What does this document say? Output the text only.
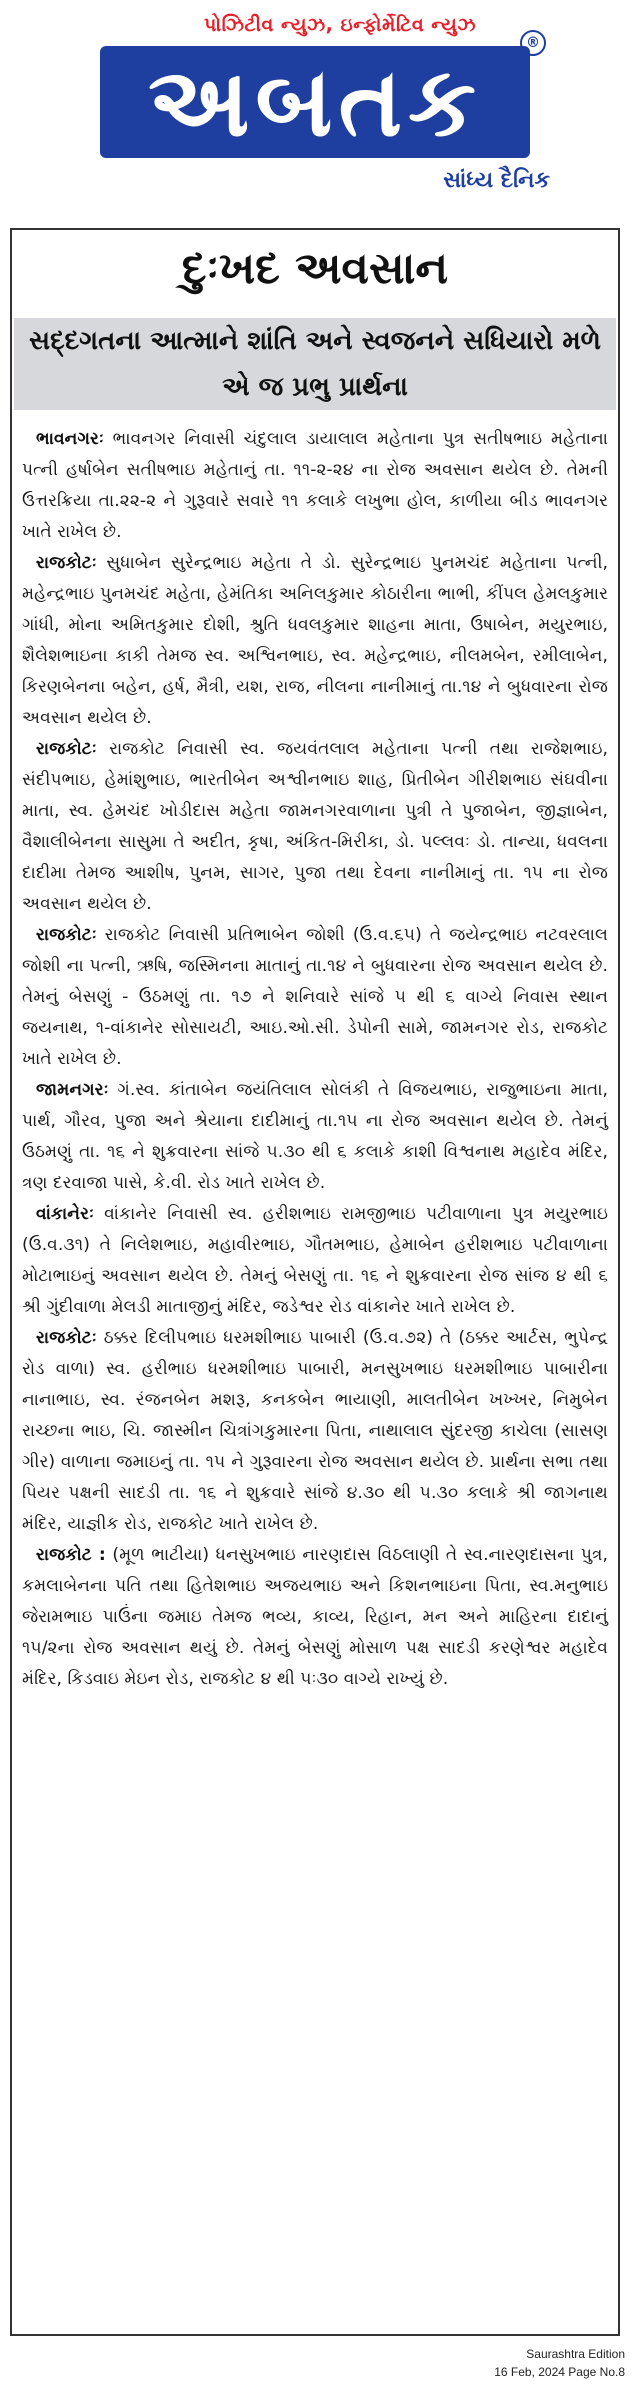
પોઝિટીવ ન્યુઝ, ઇન્ફોર્મેટિવ ન્યુઝ
અબતક
®
સાંધ્ય દૈનિક
દુઃખદ અવસાન
સદ્દગતના આત્માને શાંતિ અને સ્વજનને સધિયારો મળે એ જ પ્રભુ પ્રાર્થના

ભાવનગરઃ ભાવનગર નિવાસી ચંદુલાલ ડાયાલાલ મહેતાના પુત્ર સતીષભાઇ મહેતાના પત્ની હર્ષાબેન સતીષભાઇ મહેતાનું તા. ૧૧-૨-૨૪ ના રોજ અવસાન થયેલ છે. તેમની ઉત્તરક્રિયા તા.૨૨-૨ ને ગુરૂવારે સવારે ૧૧ કલાકે લખુભા હોલ, કાળીયા બીડ ભાવનગર ખાતે રાખેલ છે.

રાજકોટઃ સુધાબેન સુરેન્દ્રભાઇ મહેતા તે ડો. સુરેન્દ્રભાઇ પુનમચંદ મહેતાના પત્ની, મહેન્દ્રભાઇ પુનમચંદ મહેતા, હેમંતિકા અનિલકુમાર કોઠારીના ભાભી, કીંપલ હેમલકુમાર ગાંધી, મોના અમિતકુમાર દોશી, શ્રુતિ ધવલકુમાર શાહના માતા, ઉષાબેન, મયુરભાઇ, શૈલેશભાઇના કાકી તેમજ સ્વ. અશ્વિનભાઇ, સ્વ. મહેન્દ્રભાઇ, નીલમબેન, રમીલાબેન, કિરણબેનના બહેન, હર્ષ, મૈત્રી, યશ, રાજ, નીલના નાનીમાનું તા.૧૪ ને બુધવારના રોજ અવસાન થયેલ છે.

રાજકોટઃ રાજકોટ નિવાસી સ્વ. જયવંતલાલ મહેતાના પત્ની તથા રાજેશભાઇ, સંદીપભાઇ, હેમાંશુભાઇ, ભારતીબેન અશ્વીનભાઇ શાહ, પ્રિતીબેન ગીરીશભાઇ સંઘવીના માતા, સ્વ. હેમચંદ ખોડીદાસ મહેતા જામનગરવાળાના પુત્રી તે પુજાબેન, જીજ્ઞાબેન, વૈશાલીબેનના સાસુમા તે અદીત, કૃષા, અંકિત-મિરીકા, ડો. પલ્લવઃ ડો. તાન્યા, ધવલના દાદીમા તેમજ આશીષ, પુનમ, સાગર, પુજા તથા દેવના નાનીમાનું તા. ૧૫ ના રોજ અવસાન થયેલ છે.

રાજકોટઃ રાજકોટ નિવાસી પ્રતિભાબેન જોશી (ઉ.વ.૬૫) તે જયેન્દ્રભાઇ નટવરલાલ જોશી ના પત્ની, ઋષિ, જસ્મિનના માતાનું તા.૧૪ ને બુધવારના રોજ અવસાન થયેલ છે. તેમનું બેસણું - ઉઠમણું તા. ૧૭ ને શનિવારે સાંજે ૫ થી ૬ વાગ્યે નિવાસ સ્થાન જયનાથ, ૧-વાંકાનેર સોસાયટી, આઇ.ઓ.સી. ડેપોની સામે, જામનગર રોડ, રાજકોટ ખાતે રાખેલ છે.

જામનગરઃ ગં.સ્વ. કાંતાબેન જયંતિલાલ સોલંકી તે વિજયભાઇ, રાજુભાઇના માતા, પાર્થ, ગૌરવ, પુજા અને શ્રેયાના દાદીમાનું તા.૧૫ ના રોજ અવસાન થયેલ છે. તેમનું ઉઠમણું તા. ૧૬ ને શુક્રવારના સાંજે ૫.૩૦ થી ૬ કલાકે કાશી વિશ્વનાથ મહાદેવ મંદિર, ત્રણ દરવાજા પાસે, કે.વી. રોડ ખાતે રાખેલ છે.

વાંકાનેરઃ વાંકાનેર નિવાસી સ્વ. હરીશભાઇ રામજીભાઇ પટીવાળાના પુત્ર મયુરભાઇ (ઉ.વ.૩૧) તે નિલેશભાઇ, મહાવીરભાઇ, ગૌતમભાઇ, હેમાબેન હરીશભાઇ પટીવાળાના મોટાભાઇનું અવસાન થયેલ છે. તેમનું બેસણું તા. ૧૬ ને શુક્રવારના રોજ સાંજ ૪ થી ૬ શ્રી ગુંદીવાળા મેલડી માતાજીનું મંદિર, જડેશ્વર રોડ વાંકાનેર ખાતે રાખેલ છે.

રાજકોટઃ ઠક્કર દિલીપભાઇ ધરમશીભાઇ પાબારી (ઉ.વ.૭૨) તે (ઠક્કર આર્ટસ, ભુપેન્દ્ર રોડ વાળા) સ્વ. હરીભાઇ ધરમશીભાઇ પાબારી, મનસુખભાઇ ધરમશીભાઇ પાબારીના નાનાભાઇ, સ્વ. રંજનબેન મશરૂ, કનકબેન ભાયાણી, માલતીબેન ખખ્ખર, નિમુબેન રાચ્છના ભાઇ, ચિ. જાસ્મીન ચિત્રાંગકુમારના પિતા, નાથાલાલ સુંદરજી કાચેલા (સાસણ ગીર) વાળાના જમાઇનું તા. ૧૫ ને ગુરૂવારના રોજ અવસાન થયેલ છે. પ્રાર્થના સભા તથા પિયર પક્ષની સાદડી તા. ૧૬ ને શુક્રવારે સાંજે ૪.૩૦ થી ૫.૩૦ કલાકે શ્રી જાગનાથ મંદિર, યાજ્ઞીક રોડ, રાજકોટ ખાતે રાખેલ છે.

રાજકોટ : (મૂળ ભાટીયા) ધનસુખભાઇ નારણદાસ વિઠલાણી તે સ્વ.નારણદાસના પુત્ર, કમલાબેનના પતિ તથા હિતેશભાઇ અજયભાઇ અને કિશનભાઇના પિતા, સ્વ.મનુભાઇ જેરામભાઇ પાઉંના જમાઇ તેમજ ભવ્ય, કાવ્ય, રિહાન, મન અને માહિરના દાદાનું ૧૫/૨ના રોજ અવસાન થયું છે. તેમનું બેસણું મોસાળ પક્ષ સાદડી કરણેશ્વર મહાદેવ મંદિર, કિડવાઇ મેઇન રોડ, રાજકોટ ૪ થી ૫ઃ૩૦ વાગ્યે રાખ્યું છે.

Saurashtra Edition
16 Feb, 2024 Page No.8
